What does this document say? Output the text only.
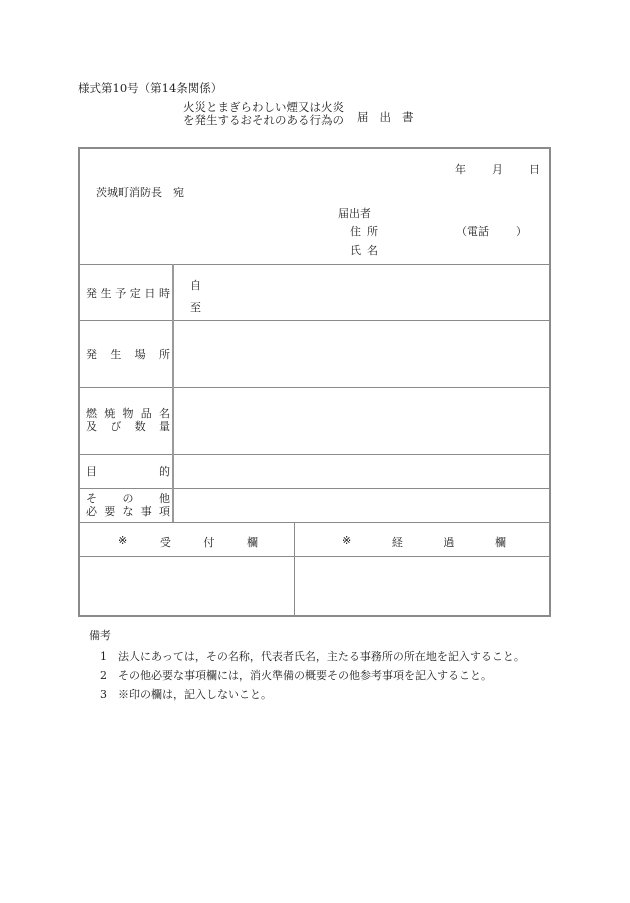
様式第10号（第14条関係）
火災とまぎらわしい煙又は火炎
を発生するおそれのある行為の 届出書
年 月 日
茨城町消防長　宛
届出者
住所	（電話 ）
氏名
発 生 予 定 日 時
自
至
発 生 場 所
燃 焼 物 品 名
及 び 数 量
目	的
そ の 他
必 要 な 事 項
※	受	付	欄	※	経	過	欄
備考
1 法人にあっては，その名称，代表者氏名，主たる事務所の所在地を記入すること。
2 その他必要な事項欄には，消火準備の概要その他参考事項を記入すること。
3 ※印の欄は，記入しないこと。
